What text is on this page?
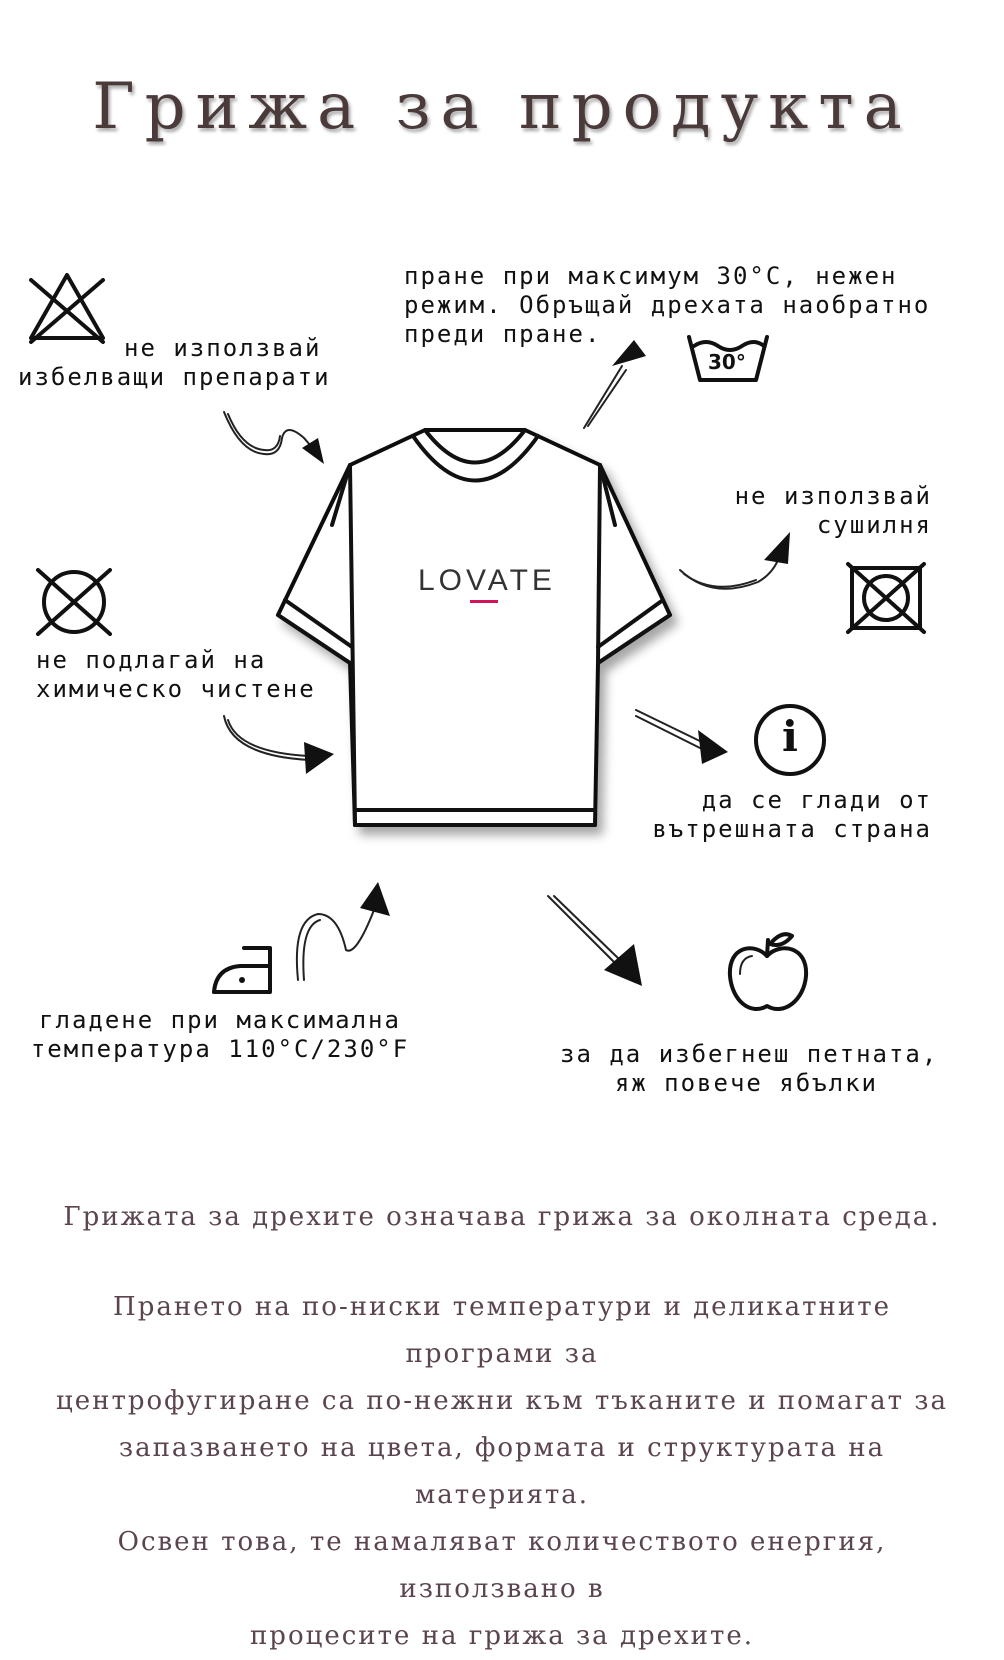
Грижа за продукта
LOVATE
не използвай
избелващи препарати
пране при максимум 30°C, нежен
режим. Обръщай дрехата наобратно
преди пране.
30°
не използвай
сушилня
не подлагай на
химическо чистене
i
да се глади от
вътрешната страна
гладене при максимална
температура 110°C/230°F	за да избегнеш петната,
яж повече ябълки

Грижата за дрехите означава грижа за околната среда.

Прането на по-ниски температури и деликатните програми за

центрофугиране са по-нежни към тъканите и помагат за

запазването на цвета, формата и структурата на материята.

Освен това, те намаляват количеството енергия, използвано в

процесите на грижа за дрехите.
